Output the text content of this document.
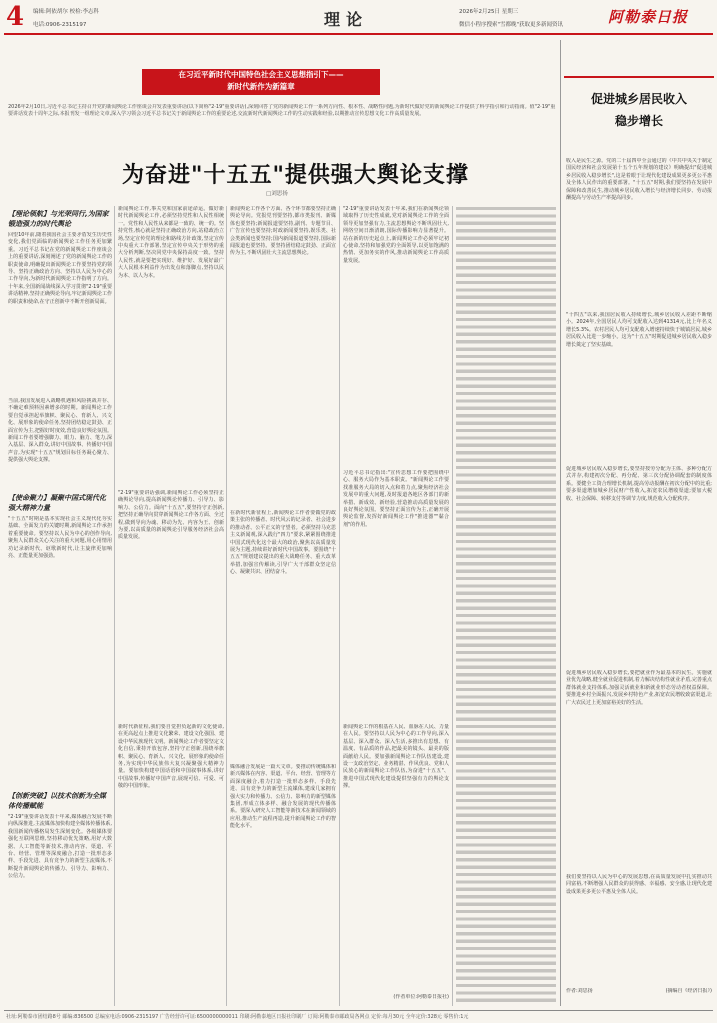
4 编辑:阿依胡尔 校检:李志科
电话:0906-2315197	理论	2026年2月25日 星期三
微信小程序搜索"雪都晚"获取更多新闻资讯	阿勒泰日报
在习近平新时代中国特色社会主义思想指引下——
新时代新作为新篇章
2026年2月10日,习近平总书记主持召开党的新闻舆论工作座谈会并发表重要讲话(以下简称"2·19"重要讲话),深刻回答了党的新闻舆论工作一系列方向性、根本性、战略性问题,为新时代做好党的新闻舆论工作提供了科学指引和行动指南。值"2·19"重要讲话发表十周年之际,本报刊发一组理论文章,深入学习领会习近平总书记关于新闻舆论工作的重要论述,交流新时代新闻舆论工作的生动实践和经验,以期推动宣传思想文化工作高质量发展。
为奋进"十五五"提供强大舆论支撑
□刘思扬
【理论领航】与光荣同行,为国家锻造强力的时代舆论
回望10年前,随着我国社会主要矛盾发生历史性变化,我们党面临的新闻舆论工作任务更加繁重。习近平总书记在党的新闻舆论工作座谈会上的重要讲话,深刻阐述了党的新闻舆论工作的职责使命,明确提出新闻舆论工作要坚持党的领导、坚持正确政治方向、坚持以人民为中心的工作导向,为新时代新闻舆论工作指明了方向。十年来,全国新闻战线深入学习贯彻"2·19"重要讲话精神,坚持正确舆论导向,牢记新闻舆论工作的职责和使命,在守正创新中不断开创新局面。
当前,我国发展进入战略机遇和风险挑战并存、不确定难预料因素增多的时期。新闻舆论工作要自觉承担起举旗帜、聚民心、育新人、兴文化、展形象的使命任务,坚持团结稳定鼓劲、正面宣传为主,把握好时度效,营造良好舆论氛围。新闻工作者要增强脚力、眼力、脑力、笔力,深入基层、深入群众,讲好中国故事、传播好中国声音,为实现"十五五"规划目标任务凝心聚力、提供强大舆论支撑。
【使命聚力】凝聚中国式现代化强大精神力量
"十五五"时期是基本实现社会主义现代化夯实基础、全面发力的关键时期,新闻舆论工作承担着重要使命。要坚持以人民为中心的创作导向,聚焦人民群众关心关注的重大问题,用心用情用功记录新时代、讴歌新时代,让主旋律更加响亮、正能量更加强劲。
【创新突破】以技术创新为全媒体传播赋能
"2·19"重要讲话发表十年来,媒体融合发展不断向纵深推进,主流媒体加快构建全媒体传播体系,我国新闻传播格局发生深刻变化。各级媒体要强化互联网思维,坚持移动优先策略,用好大数据、人工智能等新技术,推动内容、渠道、平台、经营、管理等深度融合,打造一批形态多样、手段先进、具有竞争力的新型主流媒体,不断提升新闻舆论的传播力、引导力、影响力、公信力。
新闻舆论工作,事关党和国家前途命运。做好新时代新闻舆论工作,必须坚持党性和人民性相统一。党性和人民性从来都是一致的、统一的。坚持党性,核心就是坚持正确政治方向,站稳政治立场,坚定宣传党的理论和路线方针政策,坚定宣传中央重大工作部署,坚定宣传中央关于形势的重大分析判断,坚决同党中央保持高度一致。坚持人民性,就是要把实现好、维护好、发展好最广大人民根本利益作为出发点和落脚点,坚持以民为本、以人为本。
"2·19"重要讲话强调,新闻舆论工作必须坚持正确舆论导向,提高新闻舆论传播力、引导力、影响力、公信力。面向"十五五",要坚持守正创新,把坚持正确导向贯穿新闻舆论工作各方面、全过程,做到导向为魂、移动为先、内容为王、创新为要,以高质量的新闻舆论引导服务经济社会高质量发展。
新时代新征程,我们要自觉担负起新的文化使命,在更高起点上推进文化繁荣、建设文化强国、建设中华民族现代文明。新闻舆论工作者要坚定文化自信,秉持开放包容,坚持守正创新,围绕举旗帜、聚民心、育新人、兴文化、展形象的使命任务,为实现中华民族伟大复兴凝聚强大精神力量。要加快构建中国话语和中国叙事体系,讲好中国故事,传播好中国声音,展现可信、可爱、可敬的中国形象。
新闻舆论工作各个方面、各个环节都要坚持正确舆论导向。党报党刊要坚持,都市类报刊、新媒体也要坚持;新闻报道要坚持,副刊、专题节目、广告宣传也要坚持;时政新闻要坚持,娱乐类、社会类新闻也要坚持;国内新闻报道要坚持,国际新闻报道也要坚持。要坚持团结稳定鼓劲、正面宣传为主,不断巩固壮大主流思想舆论。
在新时代新征程上,新闻舆论工作者要做党的政策主张的传播者、时代风云的记录者、社会进步的推动者、公平正义的守望者。必须坚持马克思主义新闻观,深入践行"四力"要求,紧紧围绕推进中国式现代化这个最大的政治,聚焦以高质量发展为主题,持续讲好新时代中国故事。要围绕"十五五"规划建议提出的重大战略任务、重大改革举措,加强宣传解读,引导广大干部群众坚定信心、凝聚共识、团结奋斗。
媒体融合发展是一篇大文章。要推动传统媒体和新兴媒体在内容、渠道、平台、经营、管理等方面深度融合,着力打造一批形态多样、手段先进、具有竞争力的新型主流媒体,建成几家拥有强大实力和传播力、公信力、影响力的新型媒体集团,形成立体多样、融合发展的现代传播体系。要深入研究人工智能等新技术在新闻领域的应用,推动生产流程再造,提升新闻舆论工作的智能化水平。
"2·19"重要讲话发表十年来,我们在新闻舆论领域取得了历史性成就,党对新闻舆论工作的全面领导更加坚强有力,主流思想舆论不断巩固壮大,网络空间日渐清朗,国际传播影响力显著提升。站在新的历史起点上,新闻舆论工作必须牢记初心使命,坚持和加强党的全面领导,以更加饱满的热情、更加务实的作风,推动新闻舆论工作高质量发展。
习近平总书记指出:"宣传思想工作要把围绕中心、服务大局作为基本职责。"新闻舆论工作要找准服务大局的切入点和着力点,聚焦经济社会发展中的重大问题,及时报道各地区各部门的新举措、新成效、新经验,营造推动高质量发展的良好舆论氛围。要坚持正面宣传为主,正确开展舆论监督,发挥好新闻舆论工作"推进器""黏合剂"的作用。
新闻舆论工作的根基在人民、血脉在人民、力量在人民。要坚持以人民为中心的工作导向,深入基层、深入群众、深入生活,多推出有思想、有温度、有品质的作品,把最美的镜头、最美的版面献给人民。要加强新闻舆论工作队伍建设,建设一支政治坚定、业务精湛、作风优良、党和人民放心的新闻舆论工作队伍,为奋进"十五五"、推进中国式现代化建设提供坚强有力的舆论支撑。
(作者单位:阿勒泰日报社)
促进城乡居民收入
稳步增长
收入是民生之源。党的二十届四中全会通过的《中共中央关于制定国民经济和社会发展第十五个五年规划的建议》明确提出"促进城乡居民收入稳步增长",这是着眼于让现代化建设成果更多更公平惠及全体人民作出的重要部署。"十五五"时期,我们要坚持在发展中保障和改善民生,推动城乡居民收入增长与经济增长同步、劳动报酬提高与劳动生产率提高同步。
"十四五"以来,我国居民收入持续增长,城乡居民收入差距不断缩小。2024年,全国居民人均可支配收入达到41314元,比上年名义增长5.3%。农村居民人均可支配收入增速持续快于城镇居民,城乡居民收入比进一步缩小。这为"十五五"时期促进城乡居民收入稳步增长奠定了坚实基础。
促进城乡居民收入稳步增长,要坚持按劳分配为主体、多种分配方式并存,构建初次分配、再分配、第三次分配协调配套的制度体系。要健全工资合理增长机制,提高劳动报酬在初次分配中的比重;要多渠道增加城乡居民财产性收入,拓宽农民增收渠道;要加大税收、社会保障、转移支付等调节力度,规范收入分配秩序。
促进城乡居民收入稳步增长,要把就业作为最基本的民生。实施就业优先战略,健全就业促进机制,着力解决结构性就业矛盾,完善重点群体就业支持体系,加强灵活就业和新就业形态劳动者权益保障。要推进乡村全面振兴,发展乡村特色产业,拓宽农民增收致富渠道,让广大农民过上更加富裕美好的生活。
我们要坚持以人民为中心的发展思想,在高质量发展中扎实推动共同富裕,不断增强人民群众的获得感、幸福感、安全感,让现代化建设成果更多更公平惠及全体人民。
作者:刘思扬	(摘编自《经济日报》)
社址:阿勒泰市团结路8号 邮编:836500 总编室电话:0906-2315197 广告经营许可证:6500000000011 印刷:阿勒泰地区日报社印刷厂 订阅:阿勒泰市邮政局各网点 定价:每月30元 全年定价:328元 零售价:1元
